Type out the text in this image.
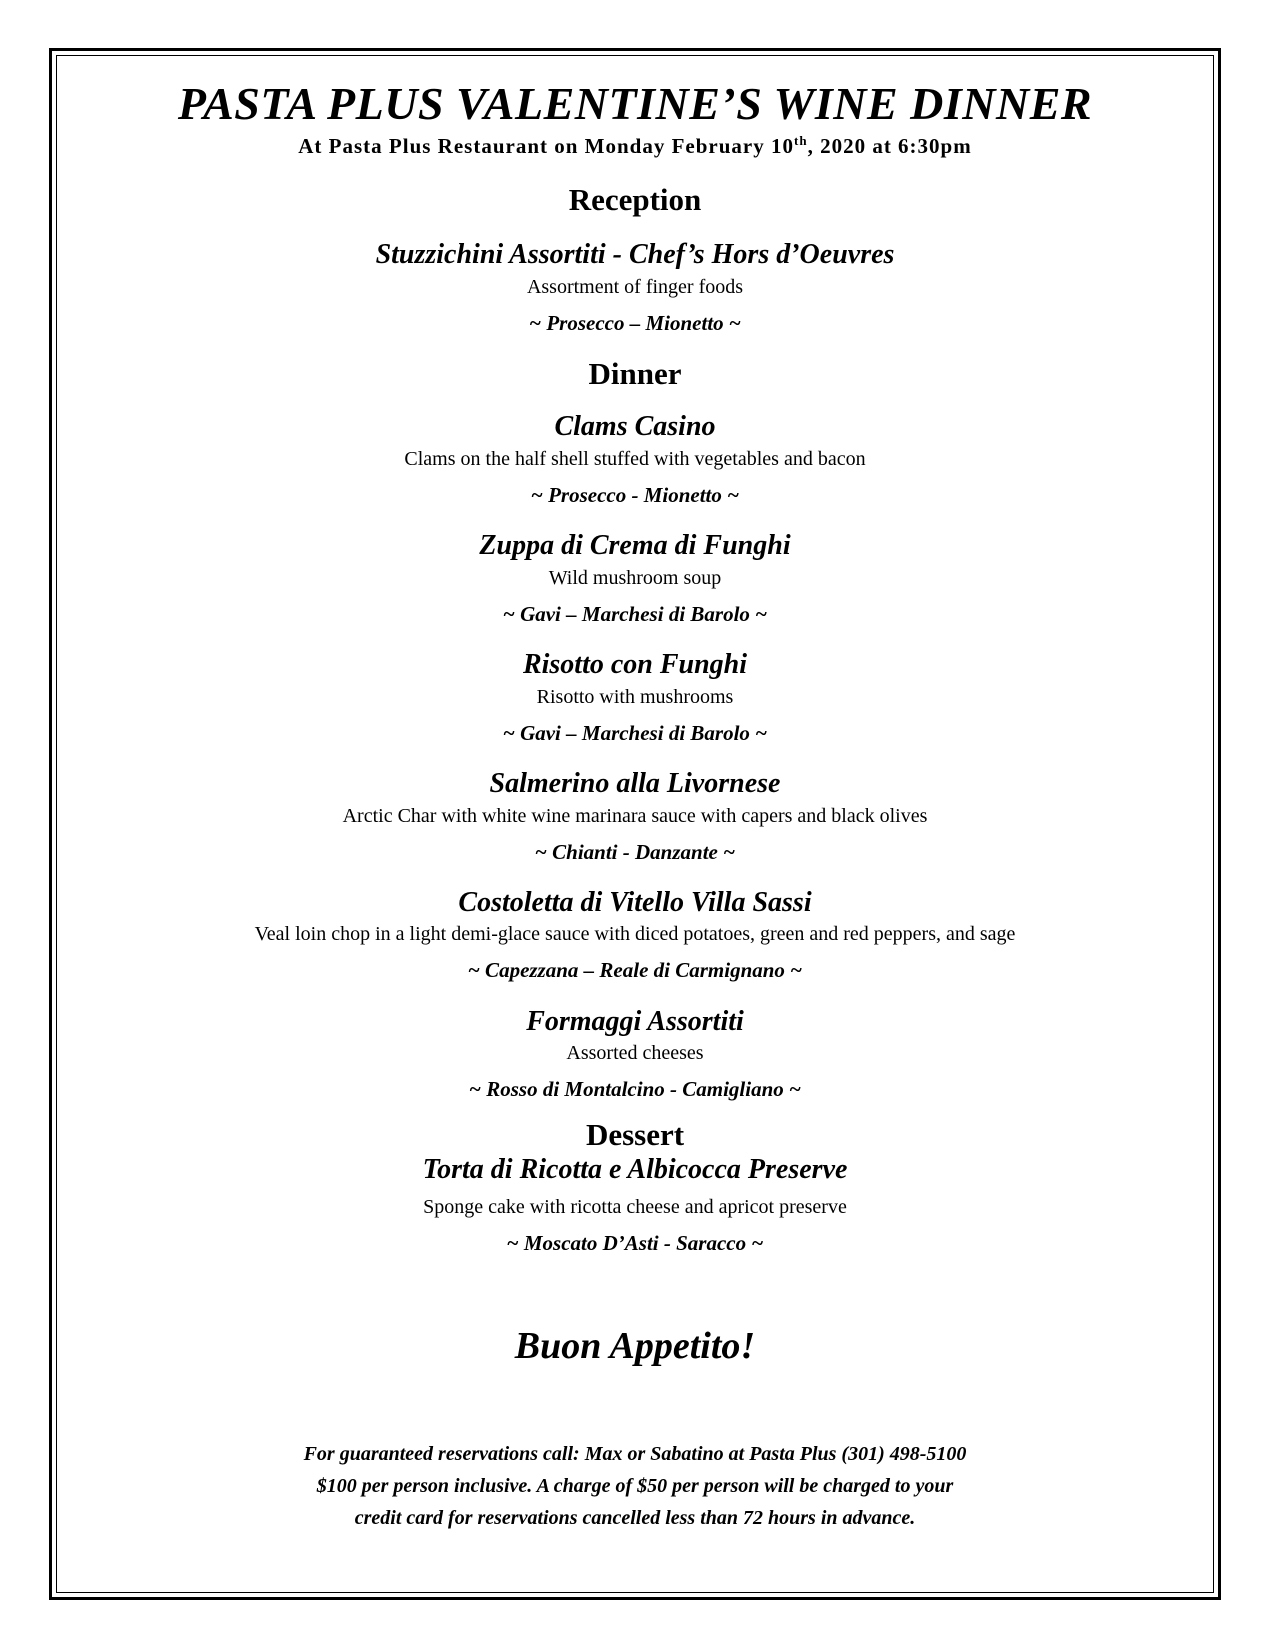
PASTA PLUS VALENTINE’S WINE DINNER
At Pasta Plus Restaurant on Monday February 10th, 2020 at 6:30pm
Reception
Stuzzichini Assortiti - Chef’s Hors d’Oeuvres
Assortment of finger foods
~ Prosecco – Mionetto ~
Dinner
Clams Casino
Clams on the half shell stuffed with vegetables and bacon
~ Prosecco - Mionetto ~
Zuppa di Crema di Funghi
Wild mushroom soup
~ Gavi – Marchesi di Barolo ~
Risotto con Funghi
Risotto with mushrooms
~ Gavi – Marchesi di Barolo ~
Salmerino alla Livornese
Arctic Char with white wine marinara sauce with capers and black olives
~ Chianti - Danzante ~
Costoletta di Vitello Villa Sassi
Veal loin chop in a light demi-glace sauce with diced potatoes, green and red peppers, and sage
~ Capezzana – Reale di Carmignano ~
Formaggi Assortiti
Assorted cheeses
~ Rosso di Montalcino - Camigliano ~
Dessert
Torta di Ricotta e Albicocca Preserve
Sponge cake with ricotta cheese and apricot preserve
~ Moscato D’Asti - Saracco ~
Buon Appetito!
For guaranteed reservations call: Max or Sabatino at Pasta Plus (301) 498-5100
$100 per person inclusive. A charge of $50 per person will be charged to your
credit card for reservations cancelled less than 72 hours in advance.
